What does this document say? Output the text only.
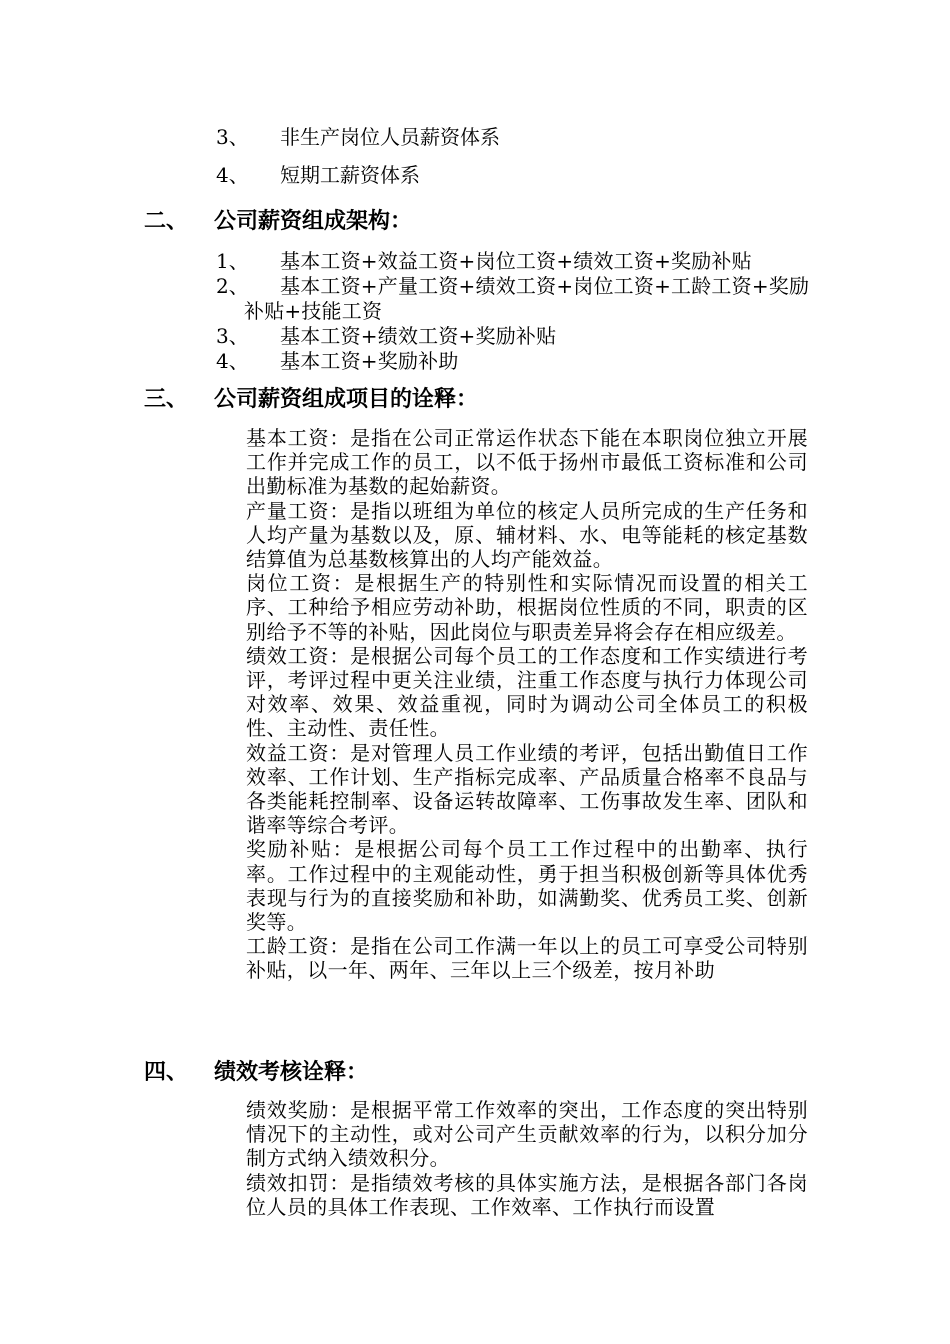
3、 非生产岗位人员薪资体系
4、 短期工薪资体系
二、 公司薪资组成架构：
1、	基本工资+效益工资+岗位工资+绩效工资+奖励补贴
2、	基本工资+产量工资+绩效工资+岗位工资+工龄工资+奖励补贴+技能工资
3、	基本工资+绩效工资+奖励补贴
4、	基本工资+奖励补助
三、 公司薪资组成项目的诠释：

基本工资：是指在公司正常运作状态下能在本职岗位独立开展工作并完成工作的员工，以不低于扬州市最低工资标准和公司出勤标准为基数的起始薪资。

产量工资：是指以班组为单位的核定人员所完成的生产任务和人均产量为基数以及，原、辅材料、水、电等能耗的核定基数结算值为总基数核算出的人均产能效益。

岗位工资：是根据生产的特别性和实际情况而设置的相关工序、工种给予相应劳动补助，根据岗位性质的不同，职责的区别给予不等的补贴，因此岗位与职责差异将会存在相应级差。

绩效工资：是根据公司每个员工的工作态度和工作实绩进行考评，考评过程中更关注业绩，注重工作态度与执行力体现公司对效率、效果、效益重视，同时为调动公司全体员工的积极性、主动性、责任性。

效益工资：是对管理人员工作业绩的考评，包括出勤值日工作效率、工作计划、生产指标完成率、产品质量合格率不良品与各类能耗控制率、设备运转故障率、工伤事故发生率、团队和谐率等综合考评。

奖励补贴：是根据公司每个员工工作过程中的出勤率、执行率。工作过程中的主观能动性，勇于担当积极创新等具体优秀表现与行为的直接奖励和补助，如满勤奖、优秀员工奖、创新奖等。

工龄工资：是指在公司工作满一年以上的员工可享受公司特别补贴，以一年、两年、三年以上三个级差，按月补助

四、 绩效考核诠释：

绩效奖励：是根据平常工作效率的突出，工作态度的突出特别情况下的主动性，或对公司产生贡献效率的行为，以积分加分制方式纳入绩效积分。

绩效扣罚：是指绩效考核的具体实施方法，是根据各部门各岗位人员的具体工作表现、工作效率、工作执行而设置
